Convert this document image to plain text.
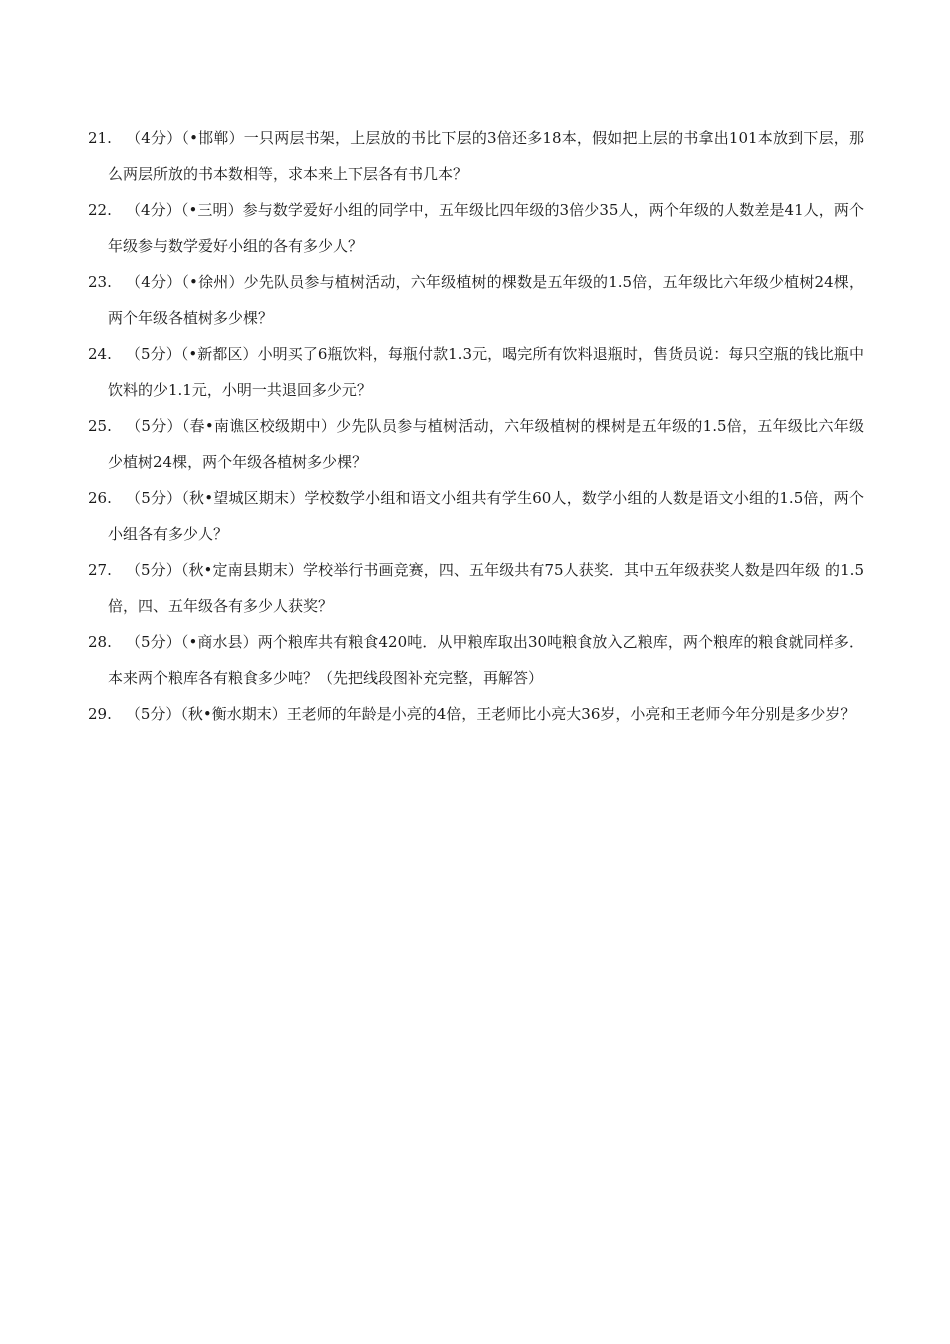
21. （4分）（•邯郸）一只两层书架，上层放的书比下层的3倍还多18本，假如把上层的书拿出101本放到下层，那么两层所放的书本数相等，求本来上下层各有书几本？

22. （4分）（•三明）参与数学爱好小组的同学中，五年级比四年级的3倍少35人，两个年级的人数差是41人，两个年级参与数学爱好小组的各有多少人？

23. （4分）（•徐州）少先队员参与植树活动，六年级植树的棵数是五年级的1.5倍，五年级比六年级少植树24棵，两个年级各植树多少棵？

24. （5分）（•新都区）小明买了6瓶饮料，每瓶付款1.3元，喝完所有饮料退瓶时，售货员说：每只空瓶的钱比瓶中饮料的少1.1元，小明一共退回多少元？

25. （5分）（春•南谯区校级期中）少先队员参与植树活动，六年级植树的棵树是五年级的1.5倍，五年级比六年级少植树24棵，两个年级各植树多少棵？

26. （5分）（秋•望城区期末）学校数学小组和语文小组共有学生60人，数学小组的人数是语文小组的1.5倍，两个小组各有多少人？

27. （5分）（秋•定南县期末）学校举行书画竞赛，四、五年级共有75人获奖．其中五年级获奖人数是四年级 的1.5倍，四、五年级各有多少人获奖？

28. （5分）（•商水县）两个粮库共有粮食420吨．从甲粮库取出30吨粮食放入乙粮库，两个粮库的粮食就同样多．本来两个粮库各有粮食多少吨？（先把线段图补充完整，再解答）

29. （5分）（秋•衡水期末）王老师的年龄是小亮的4倍，王老师比小亮大36岁，小亮和王老师今年分别是多少岁？
